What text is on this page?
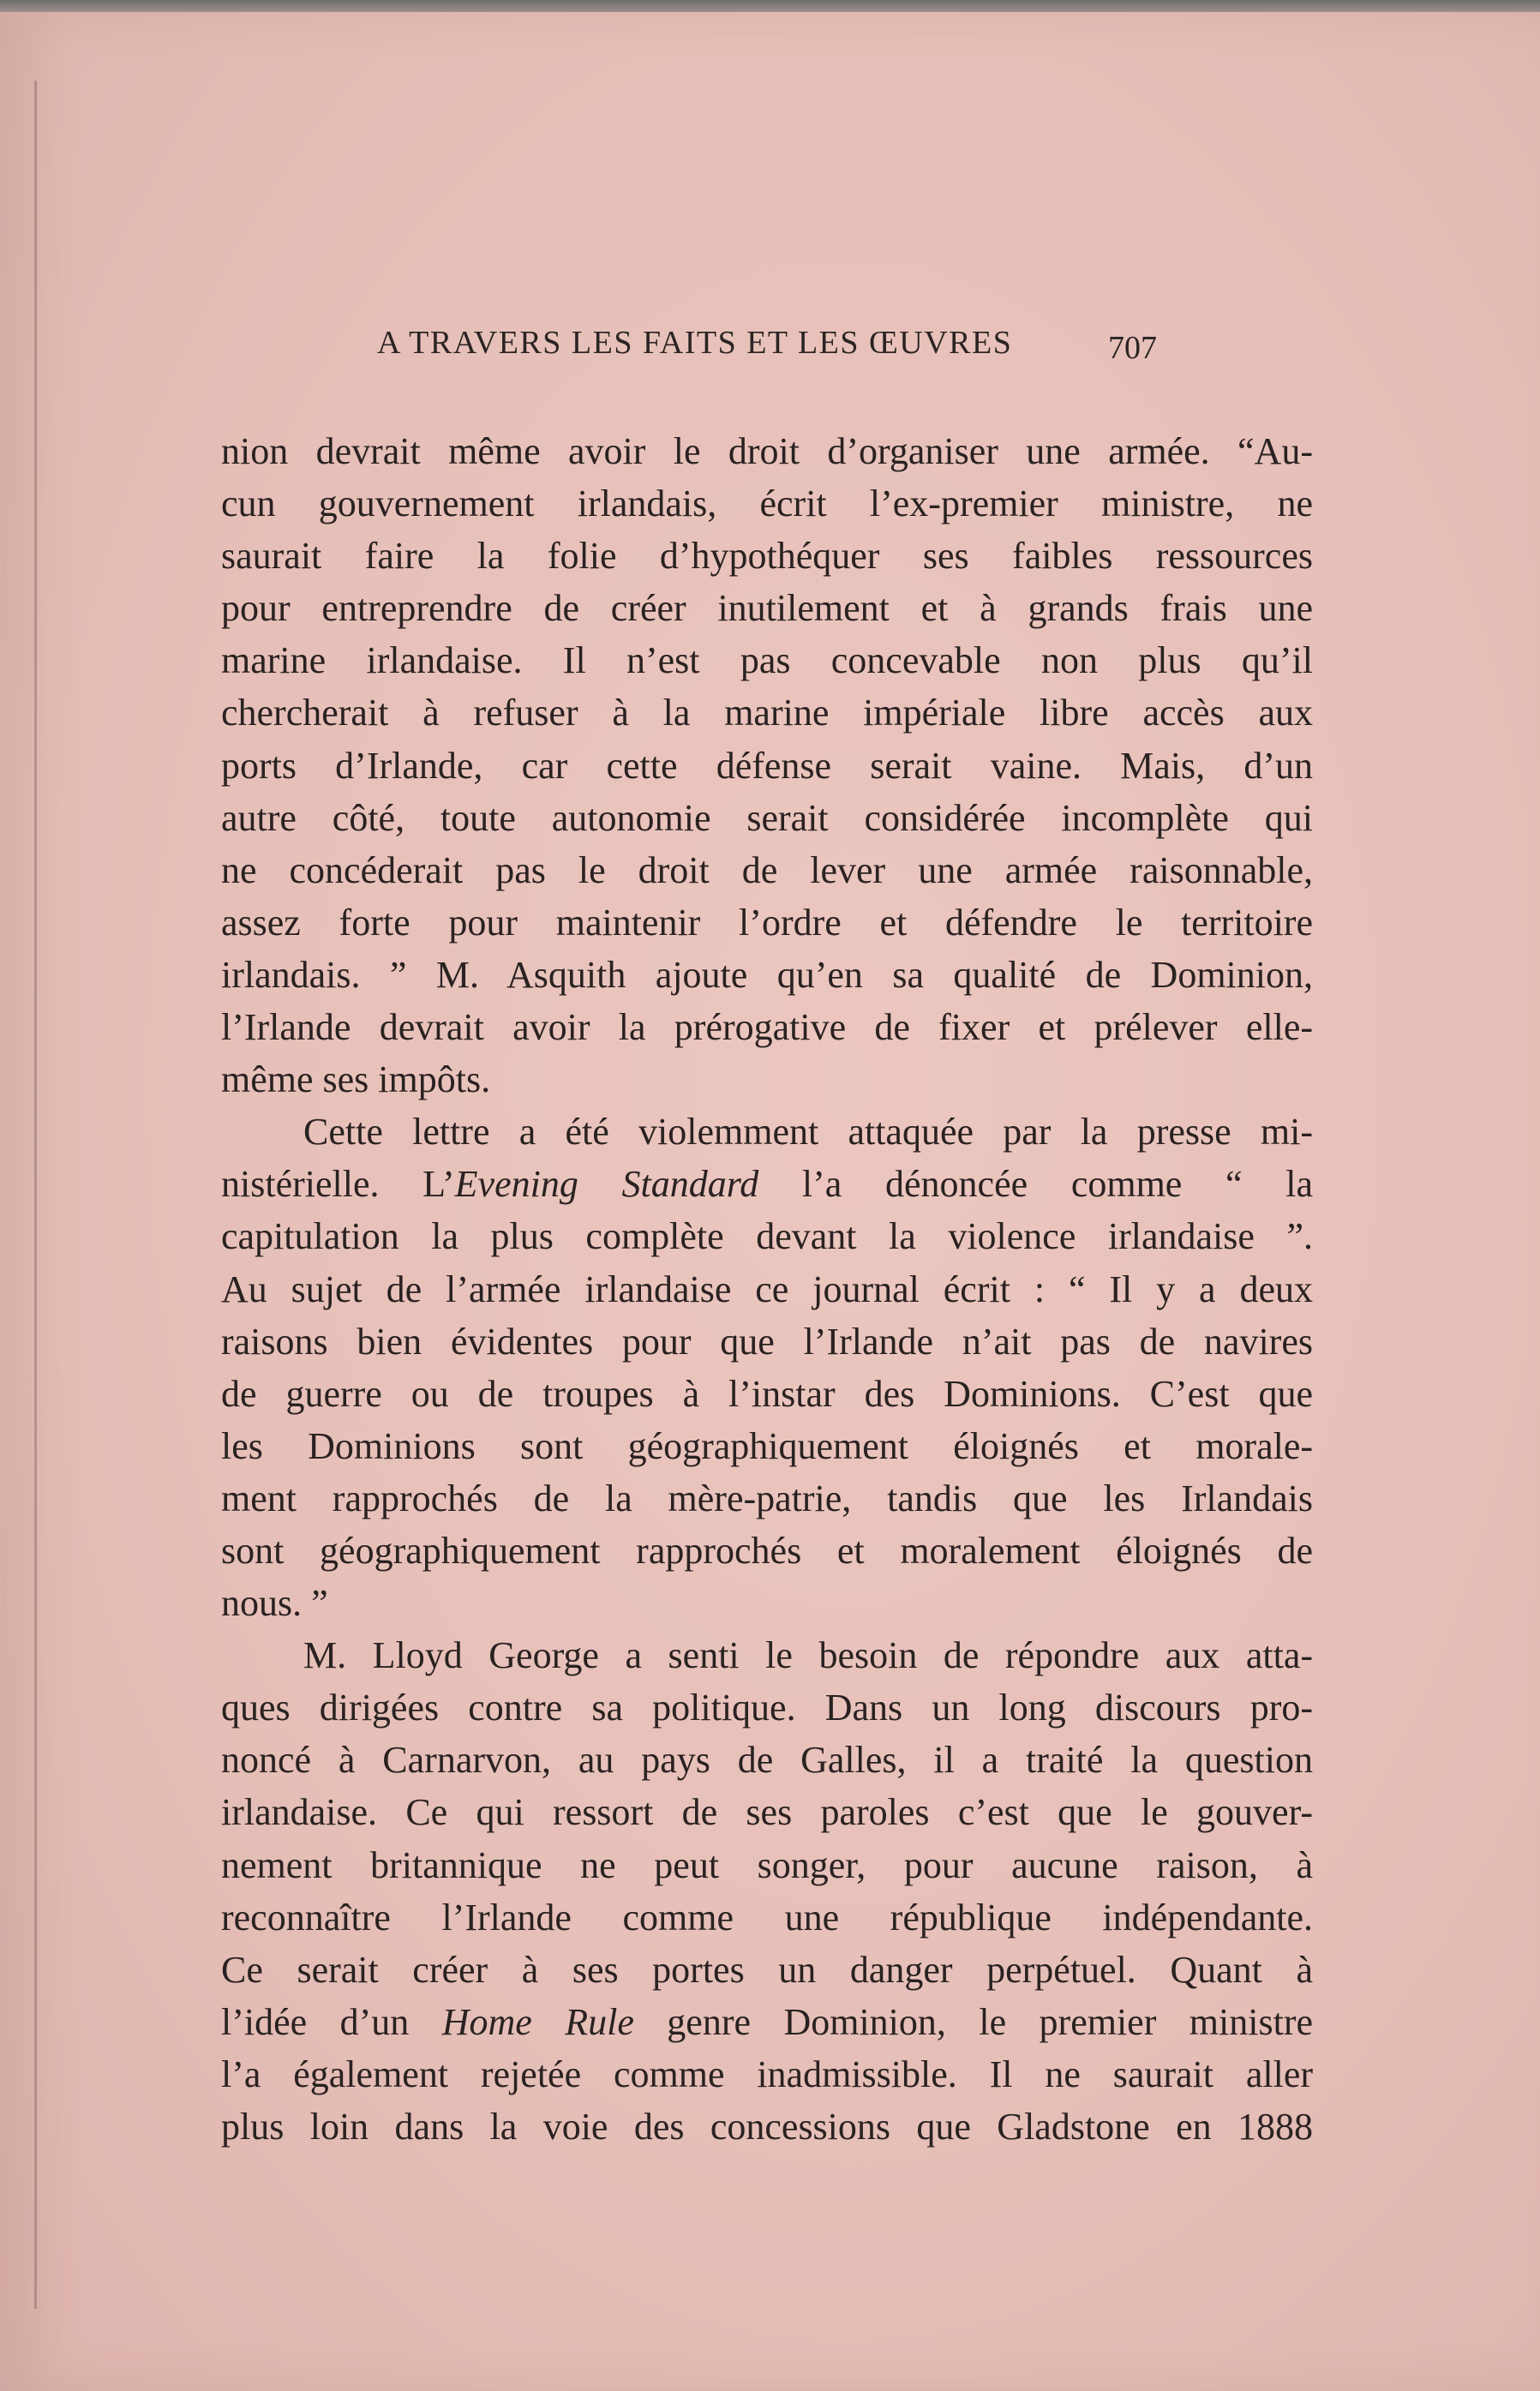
A TRAVERS LES FAITS ET LES ŒUVRES	707
nion devrait même avoir le droit d’organiser une armée. “Au-
cun gouvernement irlandais, écrit l’ex-premier ministre, ne
saurait faire la folie d’hypothéquer ses faibles ressources
pour entreprendre de créer inutilement et à grands frais une
marine irlandaise. Il n’est pas concevable non plus qu’il
chercherait à refuser à la marine impériale libre accès aux
ports d’Irlande, car cette défense serait vaine. Mais, d’un
autre côté, toute autonomie serait considérée incomplète qui
ne concéderait pas le droit de lever une armée raisonnable,
assez forte pour maintenir l’ordre et défendre le territoire
irlandais. ” M. Asquith ajoute qu’en sa qualité de Dominion,
l’Irlande devrait avoir la prérogative de fixer et prélever elle-
même ses impôts.
Cette lettre a été violemment attaquée par la presse mi-
nistérielle. L’Evening Standard l’a dénoncée comme “ la
capitulation la plus complète devant la violence irlandaise ”.
Au sujet de l’armée irlandaise ce journal écrit : “ Il y a deux
raisons bien évidentes pour que l’Irlande n’ait pas de navires
de guerre ou de troupes à l’instar des Dominions. C’est que
les Dominions sont géographiquement éloignés et morale-
ment rapprochés de la mère-patrie, tandis que les Irlandais
sont géographiquement rapprochés et moralement éloignés de
nous. ”
M. Lloyd George a senti le besoin de répondre aux atta-
ques dirigées contre sa politique. Dans un long discours pro-
noncé à Carnarvon, au pays de Galles, il a traité la question
irlandaise. Ce qui ressort de ses paroles c’est que le gouver-
nement britannique ne peut songer, pour aucune raison, à
reconnaître l’Irlande comme une république indépendante.
Ce serait créer à ses portes un danger perpétuel. Quant à
l’idée d’un Home Rule genre Dominion, le premier ministre
l’a également rejetée comme inadmissible. Il ne saurait aller
plus loin dans la voie des concessions que Gladstone en 1888
